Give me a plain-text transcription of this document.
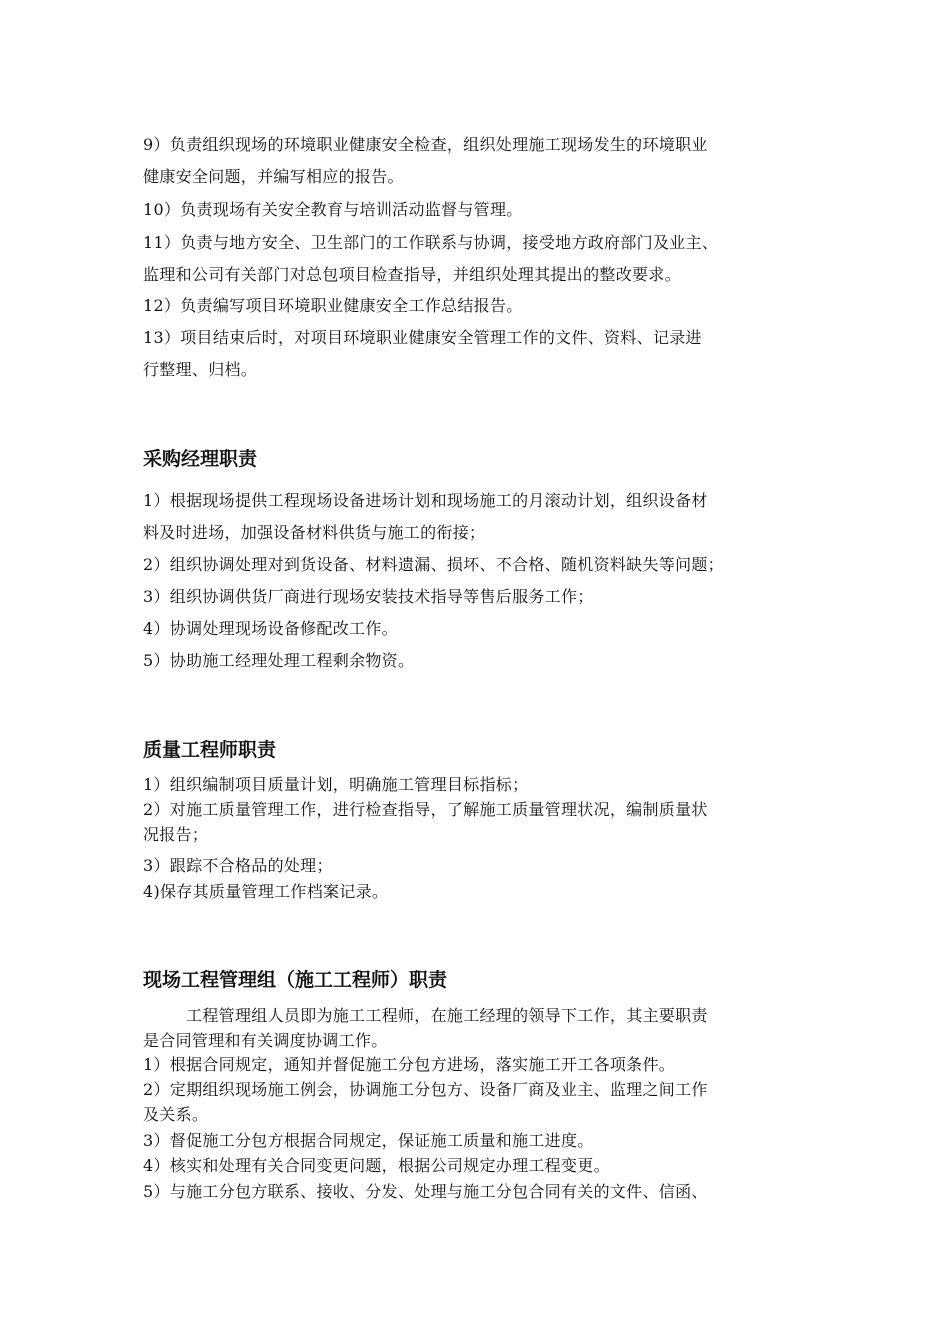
9）负责组织现场的环境职业健康安全检查，组织处理施工现场发生的环境职业
健康安全问题，并编写相应的报告。
10）负责现场有关安全教育与培训活动监督与管理。
11）负责与地方安全、卫生部门的工作联系与协调，接受地方政府部门及业主、
监理和公司有关部门对总包项目检查指导，并组织处理其提出的整改要求。
12）负责编写项目环境职业健康安全工作总结报告。
13）项目结束后时，对项目环境职业健康安全管理工作的文件、资料、记录进
行整理、归档。
采购经理职责
1）根据现场提供工程现场设备进场计划和现场施工的月滚动计划，组织设备材
料及时进场，加强设备材料供货与施工的衔接；
2）组织协调处理对到货设备、材料遗漏、损坏、不合格、随机资料缺失等问题；
3）组织协调供货厂商进行现场安装技术指导等售后服务工作；
4）协调处理现场设备修配改工作。
5）协助施工经理处理工程剩余物资。
质量工程师职责
1）组织编制项目质量计划，明确施工管理目标指标；
2）对施工质量管理工作，进行检查指导，了解施工质量管理状况，编制质量状
况报告；
3）跟踪不合格品的处理；
4)保存其质量管理工作档案记录。
现场工程管理组（施工工程师）职责
工程管理组人员即为施工工程师，在施工经理的领导下工作，其主要职责
是合同管理和有关调度协调工作。
1）根据合同规定，通知并督促施工分包方进场，落实施工开工各项条件。
2）定期组织现场施工例会，协调施工分包方、设备厂商及业主、监理之间工作
及关系。
3）督促施工分包方根据合同规定，保证施工质量和施工进度。
4）核实和处理有关合同变更问题，根据公司规定办理工程变更。
5）与施工分包方联系、接收、分发、处理与施工分包合同有关的文件、信函、
